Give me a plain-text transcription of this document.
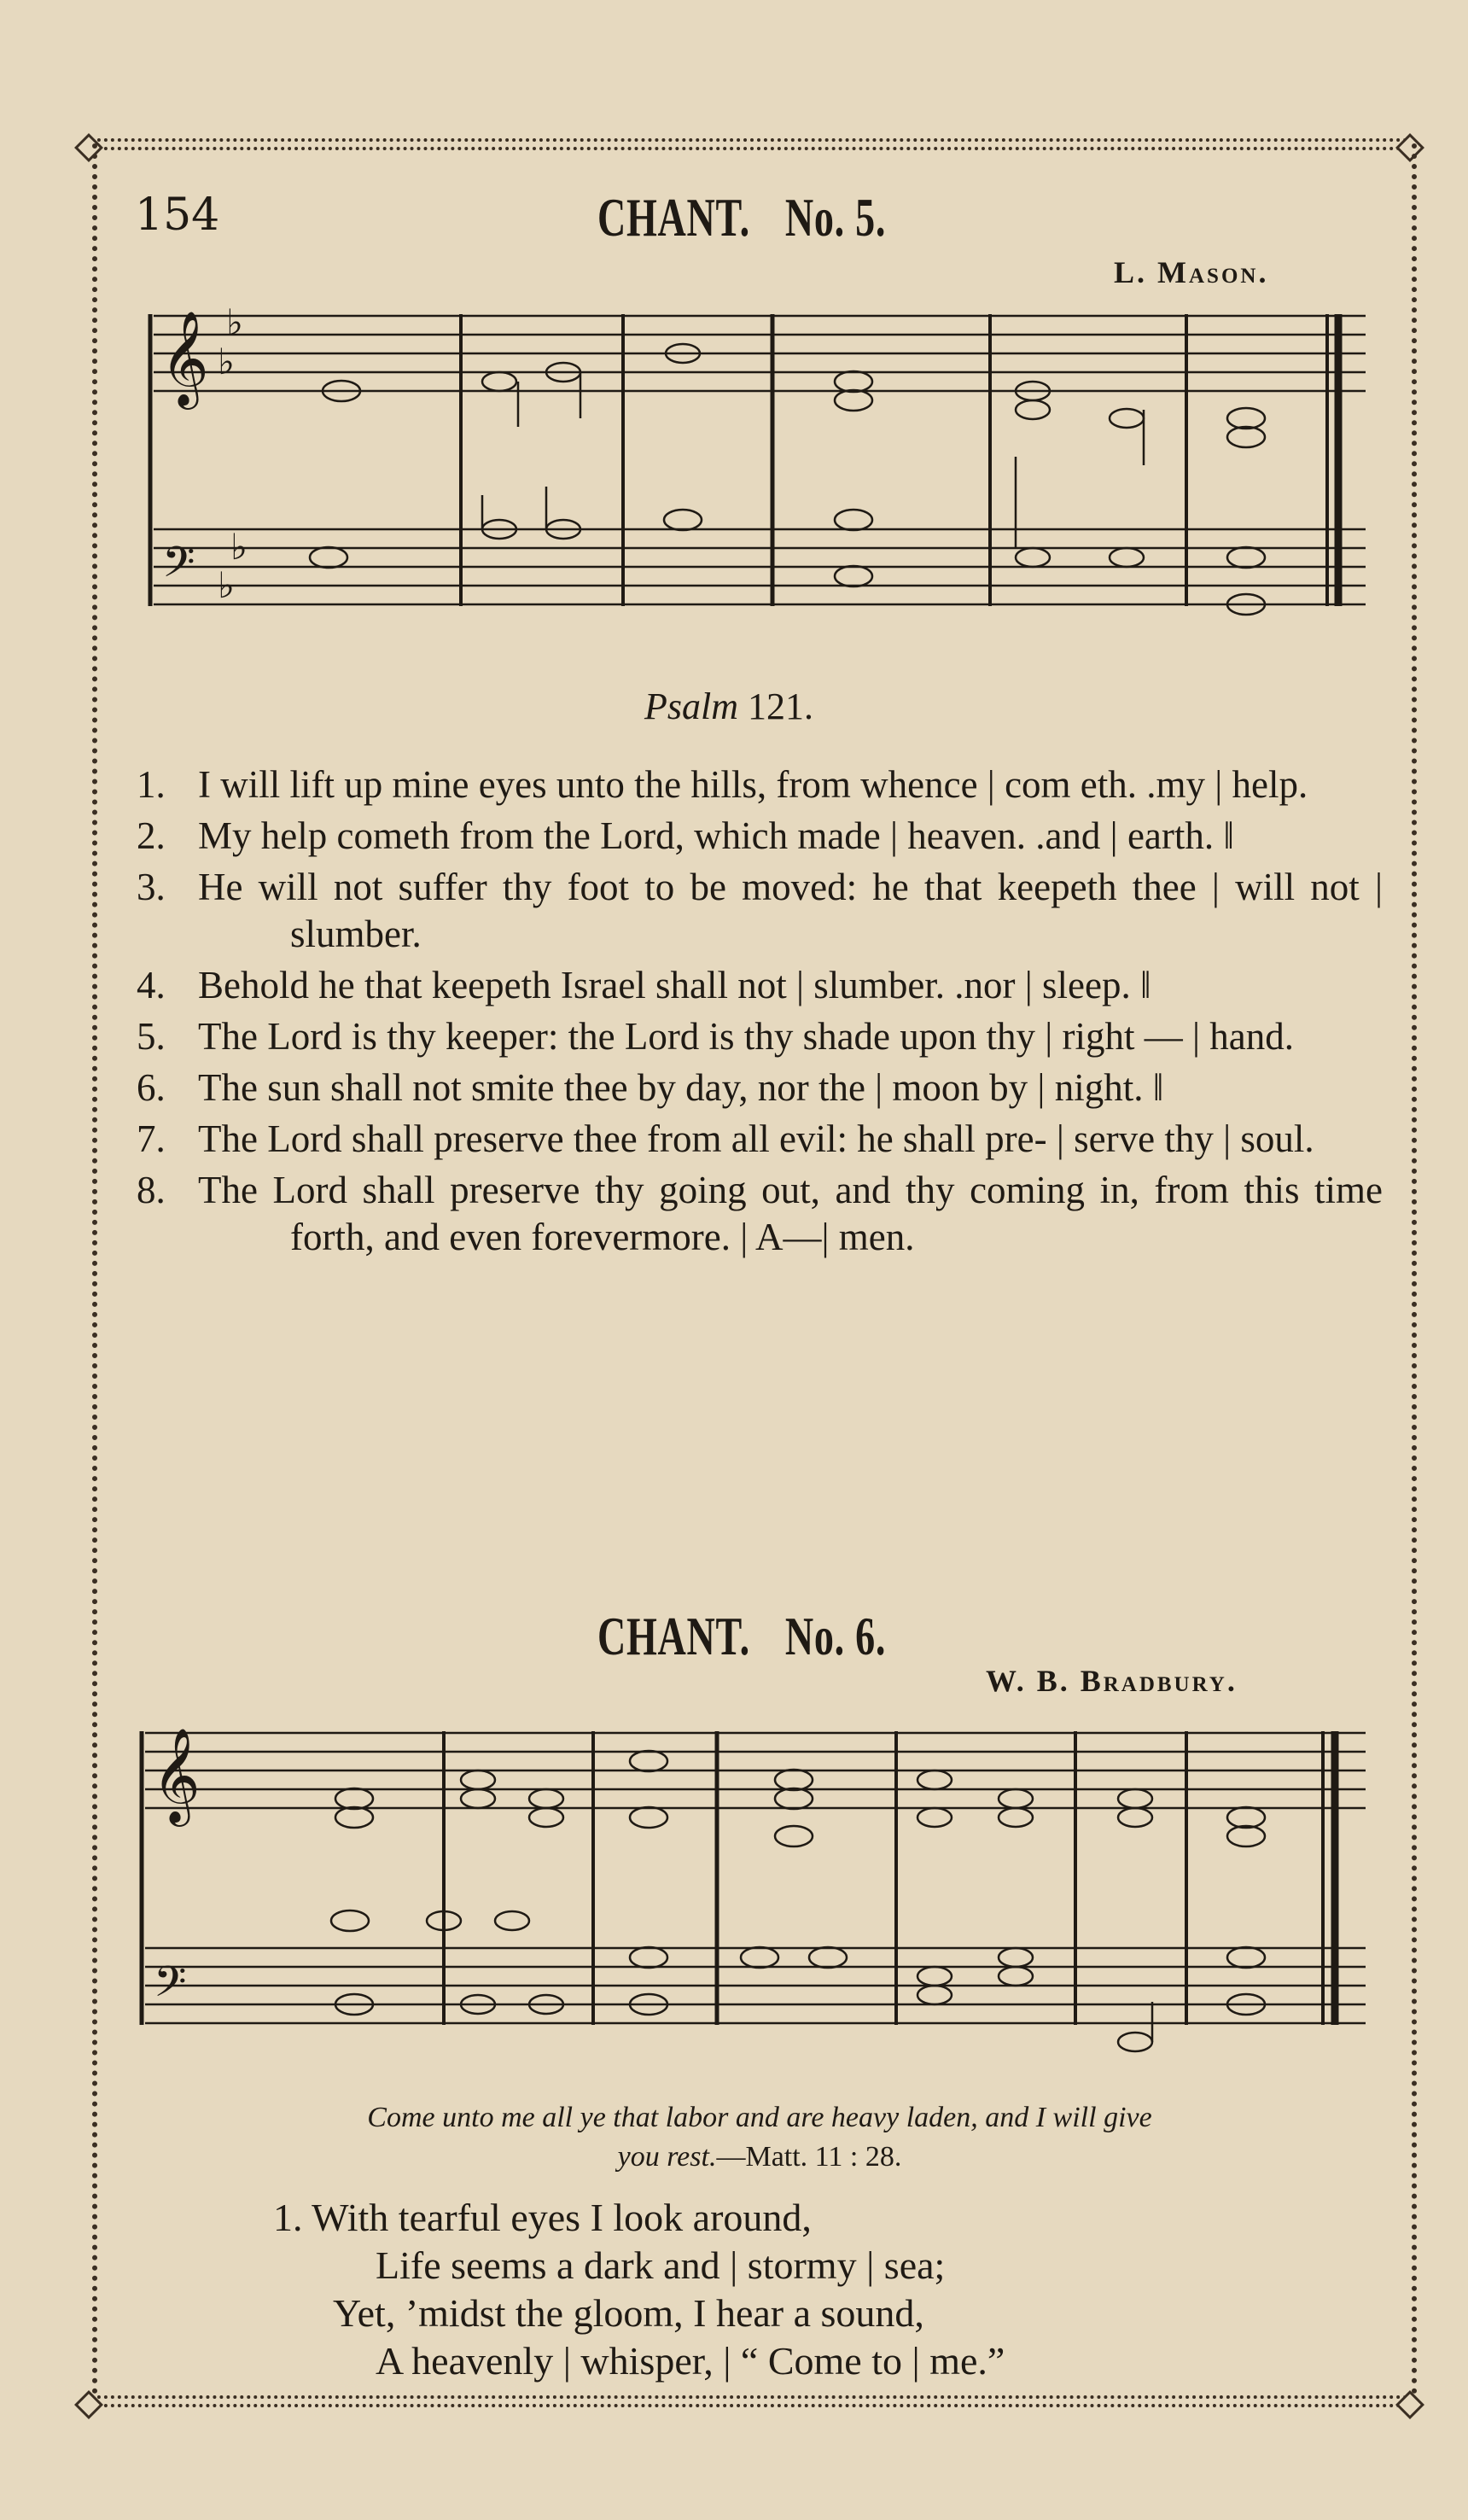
154	CHANT. No. 5.
L. Mason.
𝄞
𝄢
♭
♭
♭
♭
Psalm 121.
1. I will lift up mine eyes unto the hills, from whence | com eth. .my | help.
2. My help cometh from the Lord, which made | heaven. .and | earth. ‖
3. He will not suffer thy foot to be moved: he that keepeth thee | will not | slumber.
4. Behold he that keepeth Israel shall not | slumber. .nor | sleep. ‖
5. The Lord is thy keeper: the Lord is thy shade upon thy | right — | hand.
6. The sun shall not smite thee by day, nor the | moon by | night. ‖
7. The Lord shall preserve thee from all evil: he shall pre- | serve thy | soul.
8. The Lord shall preserve thy going out, and thy coming in, from this time forth, and even forevermore. | A—| men.
CHANT. No. 6.
W. B. Bradbury.
𝄞
𝄢
Come unto me all ye that labor and are heavy laden, and I will give
you rest.—Matt. 11 : 28.
1. With tearful eyes I look around,
Life seems a dark and | stormy | sea;
Yet, ’midst the gloom, I hear a sound,
A heavenly | whisper, | “ Come to | me.”
